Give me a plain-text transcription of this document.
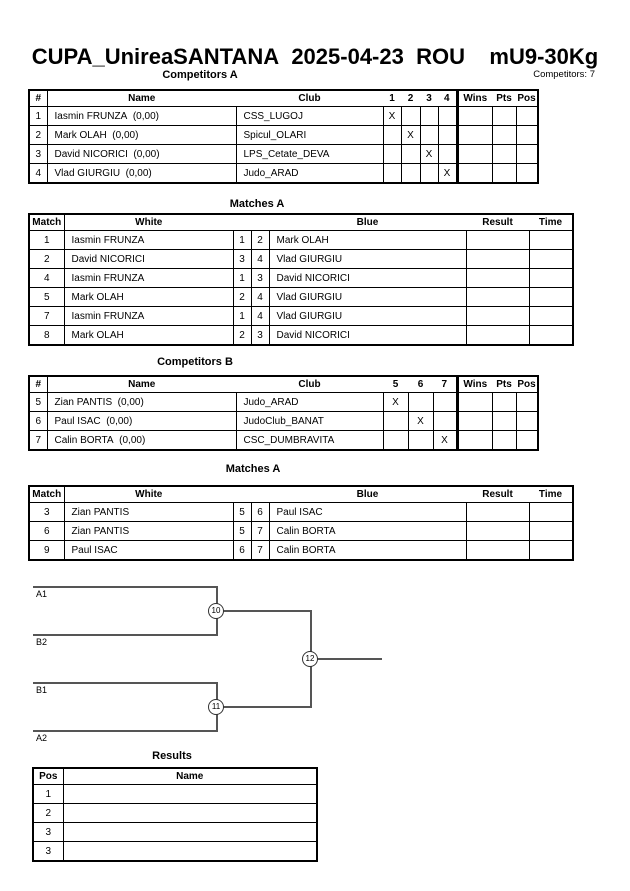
CUPA_UnireaSANTANA  2025-04-23  ROU    mU9-30Kg
Competitors A	Competitors: 7
#	Name	Club	1	2	3	4	Wins	Pts	Pos
1	Iasmin FRUNZA  (0,00)	CSS_LUGOJ	X						
2	Mark OLAH  (0,00)	Spicul_OLARI		X					
3	David NICORICI  (0,00)	LPS_Cetate_DEVA			X				
4	Vlad GIURGIU  (0,00)	Judo_ARAD				X			
Matches A
Match	White			Blue	Result	Time
1	Iasmin FRUNZA	1	2	Mark OLAH		
2	David NICORICI	3	4	Vlad GIURGIU		
4	Iasmin FRUNZA	1	3	David NICORICI		
5	Mark OLAH	2	4	Vlad GIURGIU		
7	Iasmin FRUNZA	1	4	Vlad GIURGIU		
8	Mark OLAH	2	3	David NICORICI		
Competitors B
#	Name	Club	5	6	7	Wins	Pts	Pos
5	Zian PANTIS  (0,00)	Judo_ARAD	X					
6	Paul ISAC  (0,00)	JudoClub_BANAT		X				
7	Calin BORTA  (0,00)	CSC_DUMBRAVITA			X			
Matches A
Match	White			Blue	Result	Time
3	Zian PANTIS	5	6	Paul ISAC		
6	Zian PANTIS	5	7	Calin BORTA		
9	Paul ISAC	6	7	Calin BORTA		
A1
B2
B1
A2
10
11
12
Results
Pos	Name
1	
2	
3	
3	
